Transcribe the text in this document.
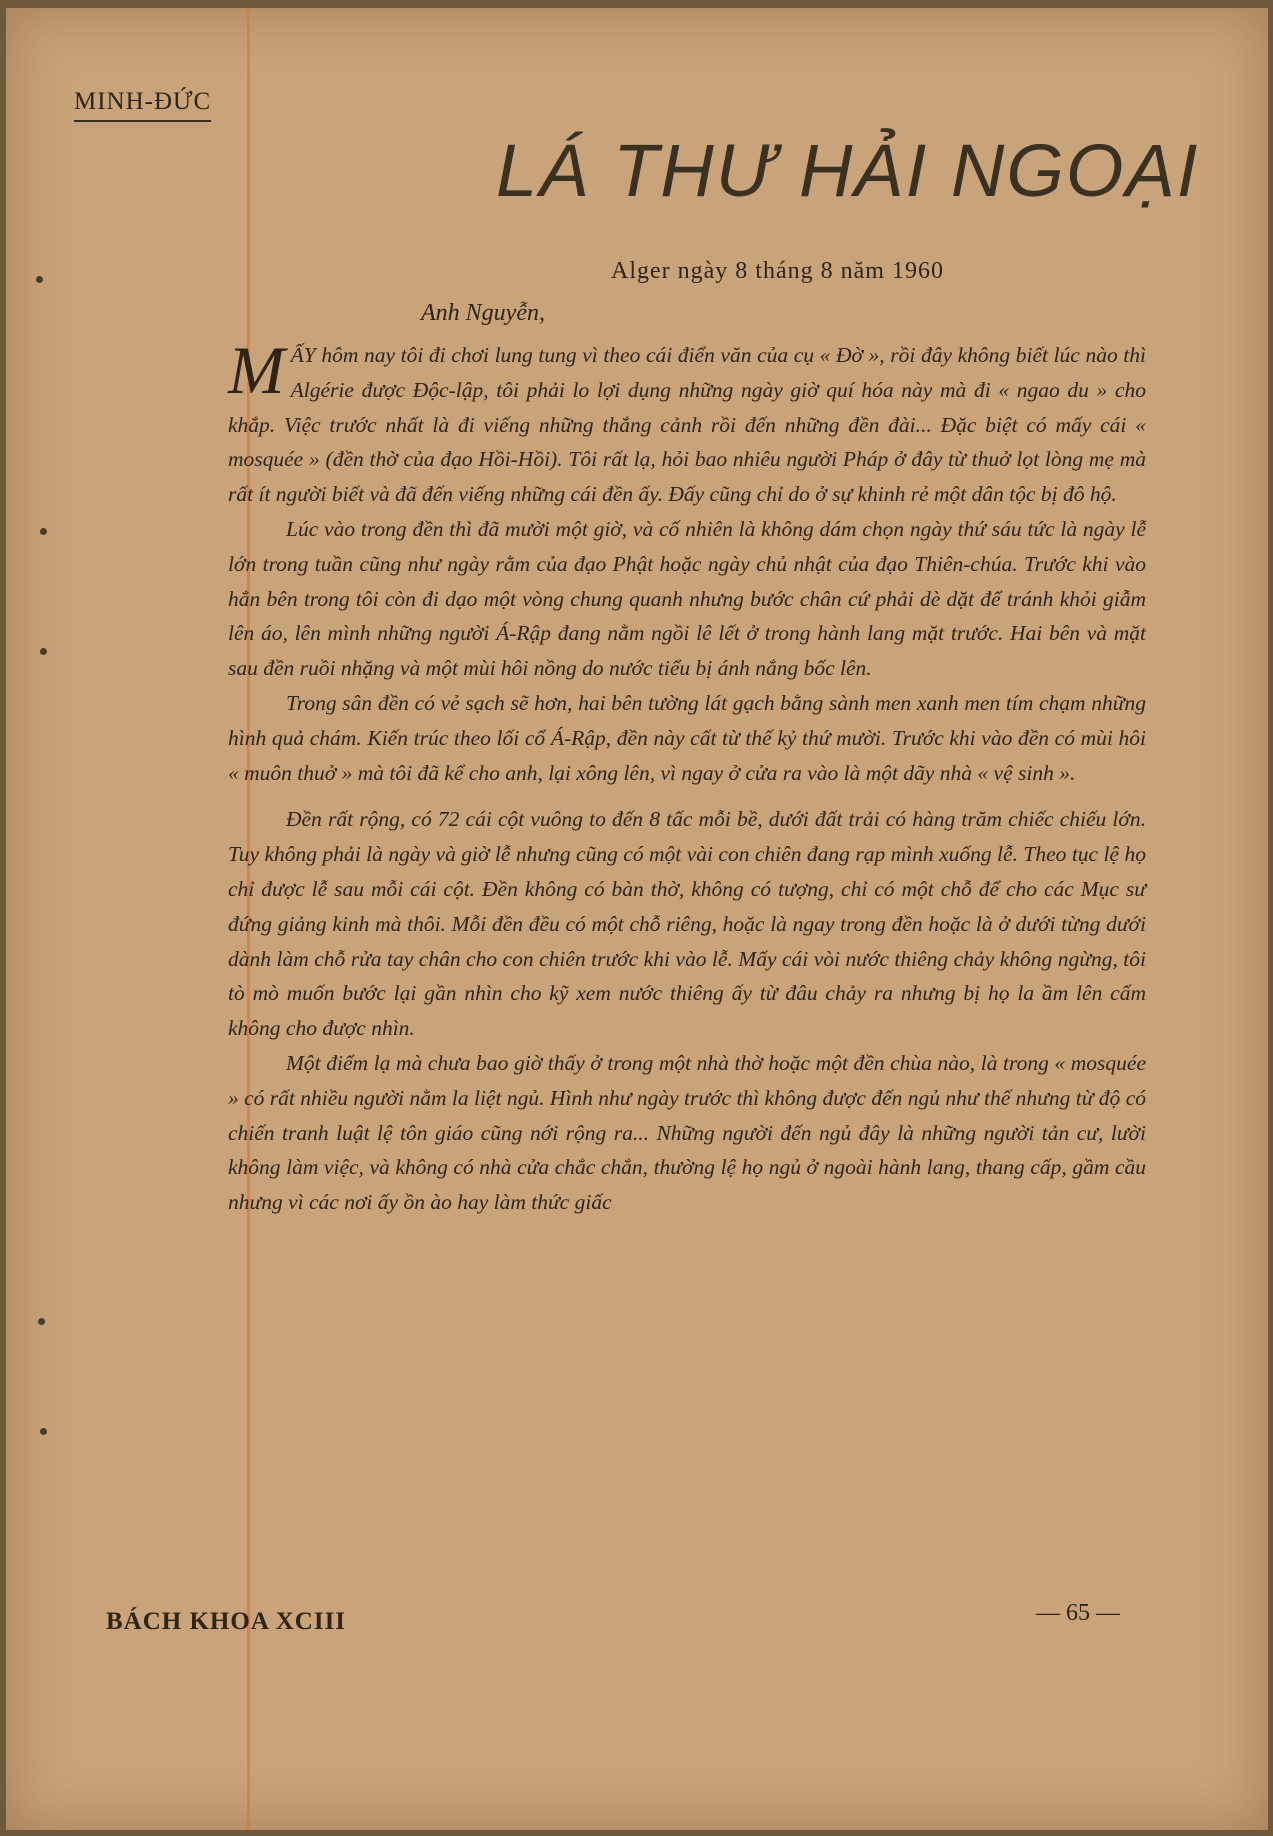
MINH-ĐỨC
LÁ THƯ HẢI NGOẠI
Alger ngày 8 tháng 8 năm 1960
Anh Nguyễn,

MẤY hôm nay tôi đi chơi lung tung vì theo cái điển văn của cụ « Đờ », rồi đây không biết lúc nào thì Algérie được Độc-lập, tôi phải lo lợi dụng những ngày giờ quí hóa này mà đi « ngao du » cho khắp. Việc trước nhất là đi viếng những thắng cảnh rồi đến những đền đài... Đặc biệt có mấy cái « mosquée » (đền thờ của đạo Hồi-Hồi). Tôi rất lạ, hỏi bao nhiêu người Pháp ở đây từ thuở lọt lòng mẹ mà rất ít người biết và đã đến viếng những cái đền ấy. Đấy cũng chỉ do ở sự khinh rẻ một dân tộc bị đô hộ.

Lúc vào trong đền thì đã mười một giờ, và cố nhiên là không dám chọn ngày thứ sáu tức là ngày lễ lớn trong tuần cũng như ngày rằm của đạo Phật hoặc ngày chủ nhật của đạo Thiên-chúa. Trước khi vào hẳn bên trong tôi còn đi dạo một vòng chung quanh nhưng bước chân cứ phải dè dặt để tránh khỏi giẫm lên áo, lên mình những người Á-Rập đang nằm ngồi lê lết ở trong hành lang mặt trước. Hai bên và mặt sau đền ruồi nhặng và một mùi hôi nồng do nước tiểu bị ánh nắng bốc lên.

Trong sân đền có vẻ sạch sẽ hơn, hai bên tường lát gạch bằng sành men xanh men tím chạm những hình quả chám. Kiến trúc theo lối cổ Á-Rập, đền này cất từ thế kỷ thứ mười. Trước khi vào đền có mùi hôi « muôn thuở » mà tôi đã kể cho anh, lại xông lên, vì ngay ở cửa ra vào là một dãy nhà « vệ sinh ».

Đền rất rộng, có 72 cái cột vuông to đến 8 tấc mỗi bề, dưới đất trải có hàng trăm chiếc chiếu lớn. Tuy không phải là ngày và giờ lễ nhưng cũng có một vài con chiên đang rạp mình xuống lễ. Theo tục lệ họ chỉ được lễ sau mỗi cái cột. Đền không có bàn thờ, không có tượng, chỉ có một chỗ để cho các Mục sư đứng giảng kinh mà thôi. Mỗi đền đều có một chỗ riêng, hoặc là ngay trong đền hoặc là ở dưới từng dưới dành làm chỗ rửa tay chân cho con chiên trước khi vào lễ. Mấy cái vòi nước thiêng chảy không ngừng, tôi tò mò muốn bước lại gần nhìn cho kỹ xem nước thiêng ấy từ đâu chảy ra nhưng bị họ la ầm lên cấm không cho được nhìn.

Một điểm lạ mà chưa bao giờ thấy ở trong một nhà thờ hoặc một đền chùa nào, là trong « mosquée » có rất nhiều người nằm la liệt ngủ. Hình như ngày trước thì không được đến ngủ như thế nhưng từ độ có chiến tranh luật lệ tôn giáo cũng nới rộng ra... Những người đến ngủ đây là những người tản cư, lười không làm việc, và không có nhà cửa chắc chắn, thường lệ họ ngủ ở ngoài hành lang, thang cấp, gầm cầu nhưng vì các nơi ấy ồn ào hay làm thức giấc

BÁCH KHOA XCIII	— 65 —
